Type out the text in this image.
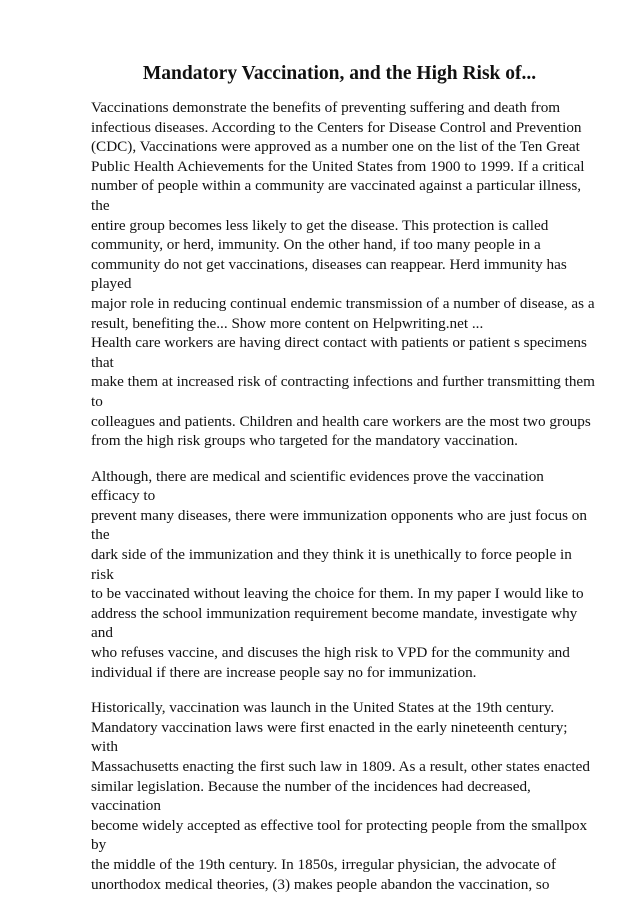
Mandatory Vaccination, and the High Risk of...

Vaccinations demonstrate the benefits of preventing suffering and death from
infectious diseases. According to the Centers for Disease Control and Prevention
(CDC), Vaccinations were approved as a number one on the list of the Ten Great
Public Health Achievements for the United States from 1900 to 1999. If a critical
number of people within a community are vaccinated against a particular illness, the
entire group becomes less likely to get the disease. This protection is called
community, or herd, immunity. On the other hand, if too many people in a
community do not get vaccinations, diseases can reappear. Herd immunity has played
major role in reducing continual endemic transmission of a number of disease, as a
result, benefiting the... Show more content on Helpwriting.net ...

Health care workers are having direct contact with patients or patient s specimens that
make them at increased risk of contracting infections and further transmitting them to
colleagues and patients. Children and health care workers are the most two groups
from the high risk groups who targeted for the mandatory vaccination.

Although, there are medical and scientific evidences prove the vaccination efficacy to
prevent many diseases, there were immunization opponents who are just focus on the
dark side of the immunization and they think it is unethically to force people in risk
to be vaccinated without leaving the choice for them. In my paper I would like to
address the school immunization requirement become mandate, investigate why and
who refuses vaccine, and discuses the high risk to VPD for the community and
individual if there are increase people say no for immunization.

Historically, vaccination was launch in the United States at the 19th century.
Mandatory vaccination laws were first enacted in the early nineteenth century; with
Massachusetts enacting the first such law in 1809. As a result, other states enacted
similar legislation. Because the number of the incidences had decreased, vaccination
become widely accepted as effective tool for protecting people from the smallpox by
the middle of the 19th century. In 1850s, irregular physician, the advocate of
unorthodox medical theories, (3) makes people abandon the vaccination, so
